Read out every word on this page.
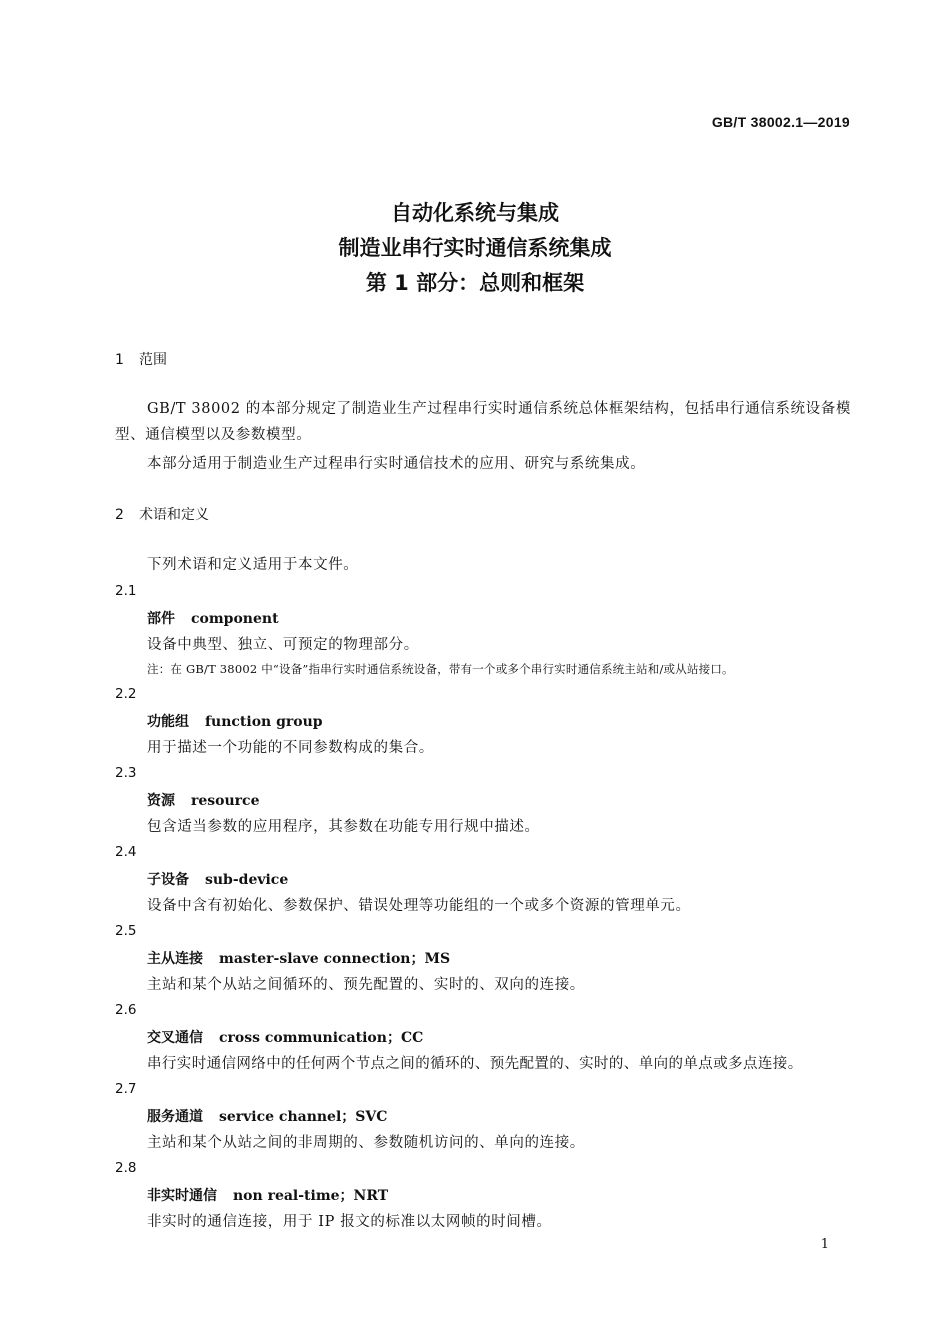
GB/T 38002.1—2019
自动化系统与集成
制造业串行实时通信系统集成
第 1 部分：总则和框架
1 范围
GB/T 38002 的本部分规定了制造业生产过程串行实时通信系统总体框架结构，包括串行通信系统设备模型、通信模型以及参数模型。
本部分适用于制造业生产过程串行实时通信技术的应用、研究与系统集成。
2 术语和定义
下列术语和定义适用于本文件。
2.1
部件 component
设备中典型、独立、可预定的物理部分。
注：在 GB/T 38002 中“设备”指串行实时通信系统设备，带有一个或多个串行实时通信系统主站和/或从站接口。
2.2
功能组 function group
用于描述一个功能的不同参数构成的集合。
2.3
资源 resource
包含适当参数的应用程序，其参数在功能专用行规中描述。
2.4
子设备 sub-device
设备中含有初始化、参数保护、错误处理等功能组的一个或多个资源的管理单元。
2.5
主从连接 master-slave connection；MS
主站和某个从站之间循环的、预先配置的、实时的、双向的连接。
2.6
交叉通信 cross communication；CC
串行实时通信网络中的任何两个节点之间的循环的、预先配置的、实时的、单向的单点或多点连接。
2.7
服务通道 service channel；SVC
主站和某个从站之间的非周期的、参数随机访问的、单向的连接。
2.8
非实时通信 non real-time；NRT
非实时的通信连接，用于 IP 报文的标准以太网帧的时间槽。
1
